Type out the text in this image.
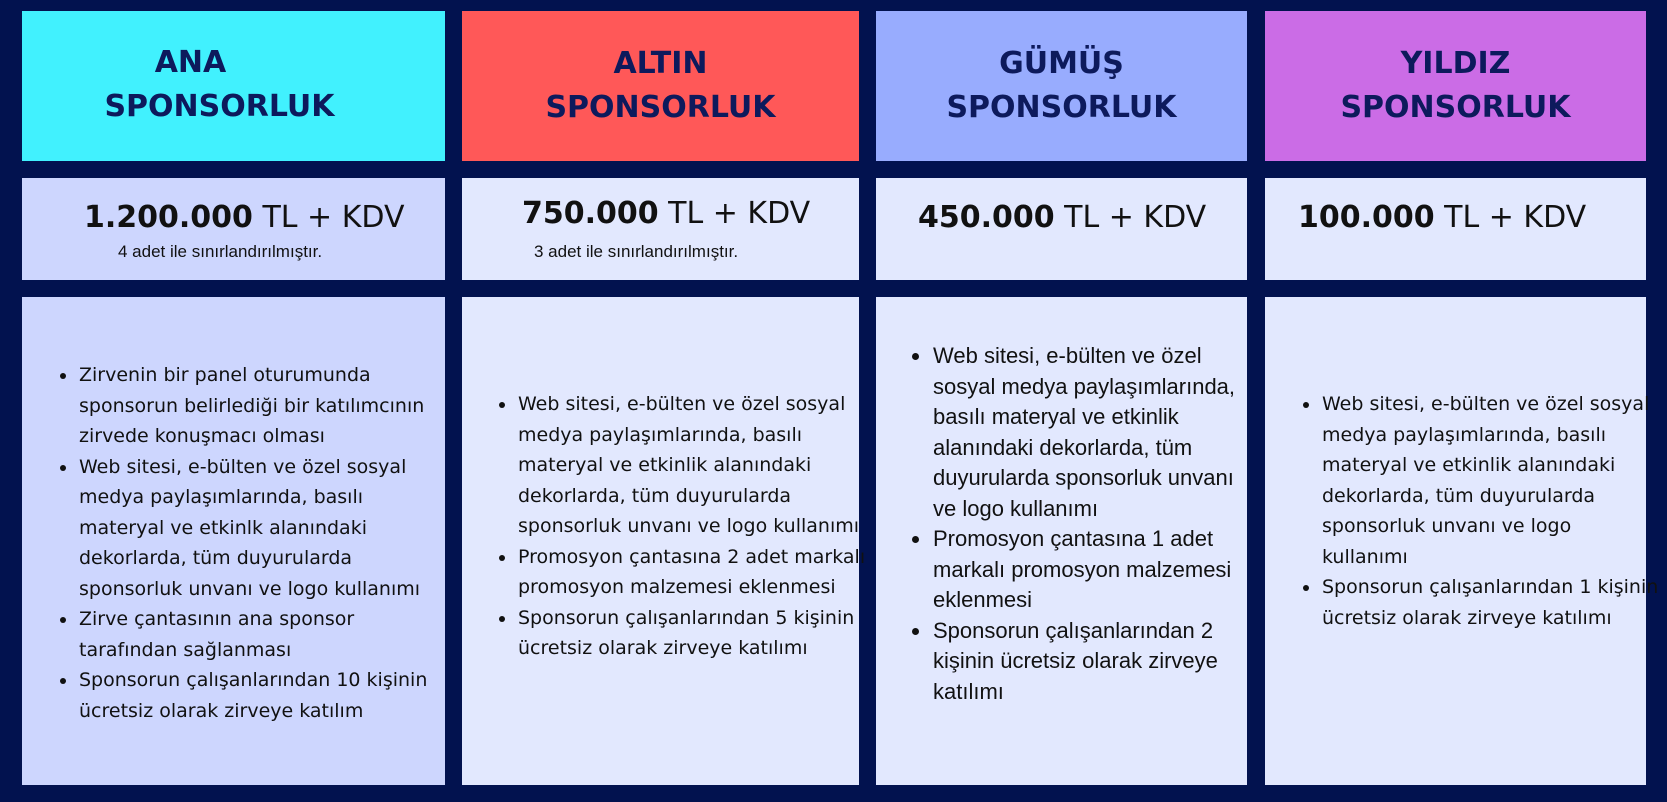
ANA
SPONSORLUK
1.200.000 TL + KDV
4 adet ile sınırlandırılmıştır.
• Zirvenin bir panel oturumunda sponsorun belirlediği bir katılımcının zirvede konuşmacı olması
• Web sitesi, e-bülten ve özel sosyal medya paylaşımlarında, basılı materyal ve etkinlk alanındaki dekorlarda, tüm duyurularda sponsorluk unvanı ve logo kullanımı
• Zirve çantasının ana sponsor tarafından sağlanması
• Sponsorun çalışanlarından 10 kişinin ücretsiz olarak zirveye katılım
ALTIN
SPONSORLUK
750.000 TL + KDV
3 adet ile sınırlandırılmıştır.
• Web sitesi, e-bülten ve özel sosyal medya paylaşımlarında, basılı materyal ve etkinlik alanındaki dekorlarda, tüm duyurularda sponsorluk unvanı ve logo kullanımı
• Promosyon çantasına 2 adet markalı promosyon malzemesi eklenmesi
• Sponsorun çalışanlarından 5 kişinin ücretsiz olarak zirveye katılımı
GÜMÜŞ
SPONSORLUK
450.000 TL + KDV
• Web sitesi, e-bülten ve özel sosyal medya paylaşımlarında, basılı materyal ve etkinlik alanındaki dekorlarda, tüm duyurularda sponsorluk unvanı ve logo kullanımı
• Promosyon çantasına 1 adet markalı promosyon malzemesi eklenmesi
• Sponsorun çalışanlarından 2 kişinin ücretsiz olarak zirveye katılımı
YILDIZ
SPONSORLUK
100.000 TL + KDV
• Web sitesi, e-bülten ve özel sosyal medya paylaşımlarında, basılı materyal ve etkinlik alanındaki dekorlarda, tüm duyurularda sponsorluk unvanı ve logo kullanımı
• Sponsorun çalışanlarından 1 kişinin ücretsiz olarak zirveye katılımı
